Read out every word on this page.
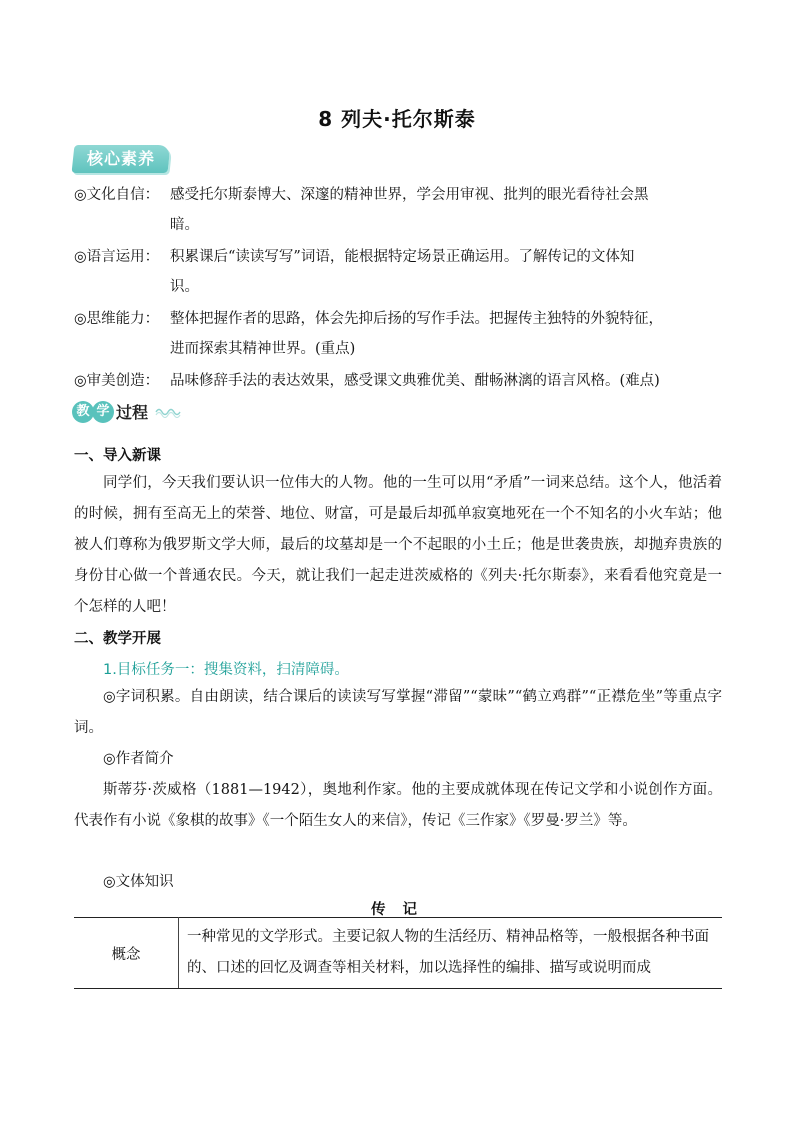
8 列夫·托尔斯泰
核心素养
◎文化自信： 感受托尔斯泰博大、深邃的精神世界，学会用审视、批判的眼光看待社会黑
暗。
◎语言运用： 积累课后“读读写写”词语，能根据特定场景正确运用。了解传记的文体知
识。
◎思维能力： 整体把握作者的思路，体会先抑后扬的写作手法。把握传主独特的外貌特征，
进而探索其精神世界。(重点)
◎审美创造： 品味修辞手法的表达效果，感受课文典雅优美、酣畅淋漓的语言风格。(难点)
教 学 过程
一、导入新课

同学们，今天我们要认识一位伟大的人物。他的一生可以用“矛盾”一词来总结。这个人，他活着的时候，拥有至高无上的荣誉、地位、财富，可是最后却孤单寂寞地死在一个不知名的小火车站；他被人们尊称为俄罗斯文学大师，最后的坟墓却是一个不起眼的小土丘；他是世袭贵族，却抛弃贵族的身份甘心做一个普通农民。今天，就让我们一起走进茨威格的《列夫·托尔斯泰》，来看看他究竟是一个怎样的人吧！

二、教学开展
1.目标任务一：搜集资料，扫清障碍。

◎字词积累。自由朗读，结合课后的读读写写掌握“滞留”“蒙昧”“鹤立鸡群”“正襟危坐”等重点字词。

◎作者简介

斯蒂芬·茨威格（1881—1942），奥地利作家。他的主要成就体现在传记文学和小说创作方面。代表作有小说《象棋的故事》《一个陌生女人的来信》，传记《三作家》《罗曼·罗兰》等。

◎文体知识

传 记
概念	一种常见的文学形式。主要记叙人物的生活经历、精神品格等，一般根据各种书面的、口述的回忆及调查等相关材料，加以选择性的编排、描写或说明而成
